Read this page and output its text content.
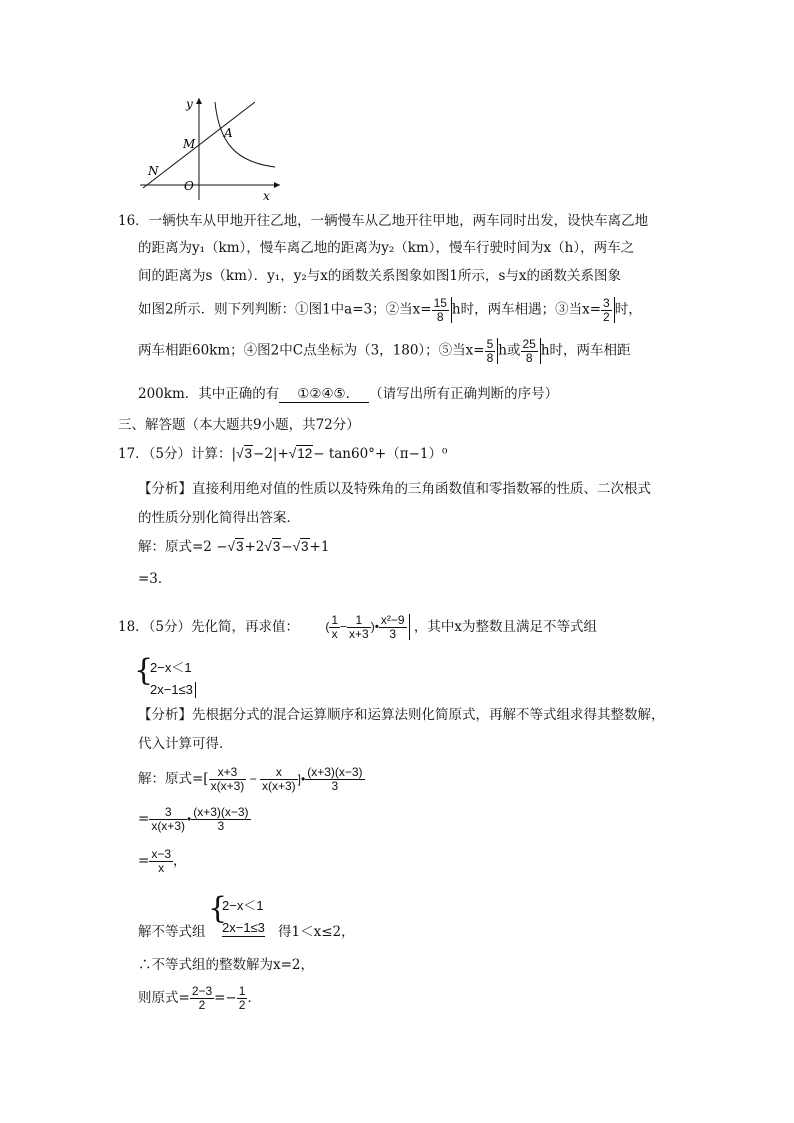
y
x
M
A
N
O
16．一辆快车从甲地开往乙地，一辆慢车从乙地开往甲地，两车同时出发，设快车离乙地
的距离为y₁（km），慢车离乙地的距离为y₂（km），慢车行驶时间为x（h），两车之
间的距离为s（km）．y₁，y₂与x的函数关系图象如图1所示，s与x的函数关系图象
如图2所示．则下列判断：①图1中a=3；②当$x= \frac{15}{8}$ h时，两车相遇；③当$x= \frac{3}{2}$ 时，
两车相距60km；④图2中C点坐标为（3，180）；⑤当$x= \frac{5}{8}$ h或 $\frac{25}{8}$ h时，两车相距
200km．其中正确的有 ①②④⑤． （请写出所有正确判断的序号）
三、解答题（本大题共9小题，共72分）
17．（5分）计算：|√3−2|+√12− tan60°+（π−1）⁰
【分析】直接利用绝对值的性质以及特殊角的三角函数值和零指数幂的性质、二次根式
的性质分别化简得出答案．
解：原式=2 −√3+2√3−√3+1
=3．
18．（5分）先化简，再求值： ( $\frac{1}{x} - \frac{1}{x+3}$ )• $\frac{\text{x²−9}}{3}$ ，其中x为整数且满足不等式组
{
2−x＜1
2x−1≤3
【分析】先根据分式的混合运算顺序和运算法则化简原式，再解不等式组求得其整数解，
代入计算可得．
解：原式=[ $\frac{x+3}{x(x+3)} - \frac{x}{x(x+3)}$ ]• $\frac{(x+3)(x-3)}{3}$
= $\frac{3}{x(x+3)}$ • $\frac{(x+3)(x-3)}{3}$
= $\frac{x-3}{x}$ ，
解不等式组
{
2−x＜1
2x−1≤3 得1＜x≤2，
∴不等式组的整数解为x=2，
则原式= $\frac{2-3}{2} =- \frac{1}{2}$ ．
